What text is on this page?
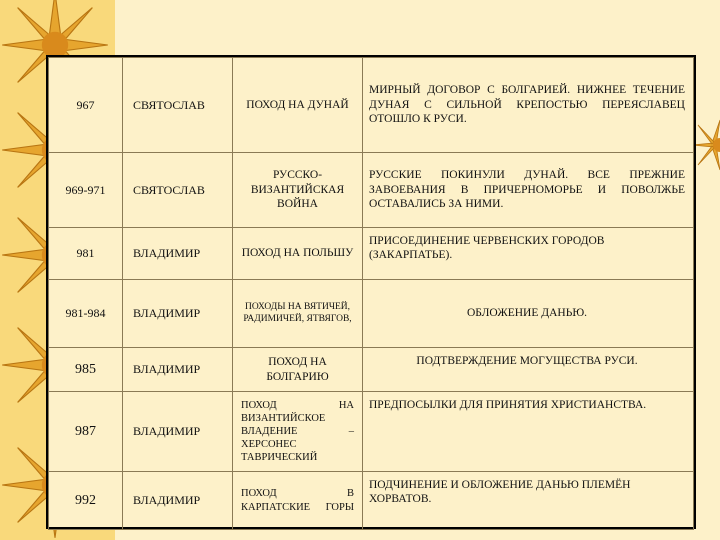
967	СВЯТОСЛАВ	ПОХОД НА ДУНАЙ	МИРНЫЙ ДОГОВОР С БОЛГАРИЕЙ. НИЖНЕЕ ТЕЧЕНИЕ ДУНАЯ С СИЛЬНОЙ КРЕПОСТЬЮ ПЕРЕЯСЛАВЕЦ ОТОШЛО К РУСИ.
969-971	СВЯТОСЛАВ	РУССКО-ВИЗАНТИЙСКАЯ ВОЙНА	РУССКИЕ ПОКИНУЛИ ДУНАЙ. ВСЕ ПРЕЖНИЕ ЗАВОЕВАНИЯ В ПРИЧЕРНОМОРЬЕ И ПОВОЛЖЬЕ ОСТАВАЛИСЬ ЗА НИМИ.
981	ВЛАДИМИР	ПОХОД НА ПОЛЬШУ	ПРИСОЕДИНЕНИЕ ЧЕРВЕНСКИХ ГОРОДОВ (ЗАКАРПАТЬЕ).
981-984	ВЛАДИМИР	ПОХОДЫ НА ВЯТИЧЕЙ, РАДИМИЧЕЙ, ЯТВЯГОВ,	ОБЛОЖЕНИЕ ДАНЬЮ.
985	ВЛАДИМИР	ПОХОД НА БОЛГАРИЮ	ПОДТВЕРЖДЕНИЕ МОГУЩЕСТВА РУСИ.
987	ВЛАДИМИР	ПОХОД НА ВИЗАНТИЙСКОЕ ВЛАДЕНИЕ – ХЕРСОНЕС ТАВРИЧЕСКИЙ	ПРЕДПОСЫЛКИ ДЛЯ ПРИНЯТИЯ ХРИСТИАНСТВА.
992	ВЛАДИМИР	ПОХОД В КАРПАТСКИЕ ГОРЫ	ПОДЧИНЕНИЕ И ОБЛОЖЕНИЕ ДАНЬЮ ПЛЕМЁН ХОРВАТОВ.
